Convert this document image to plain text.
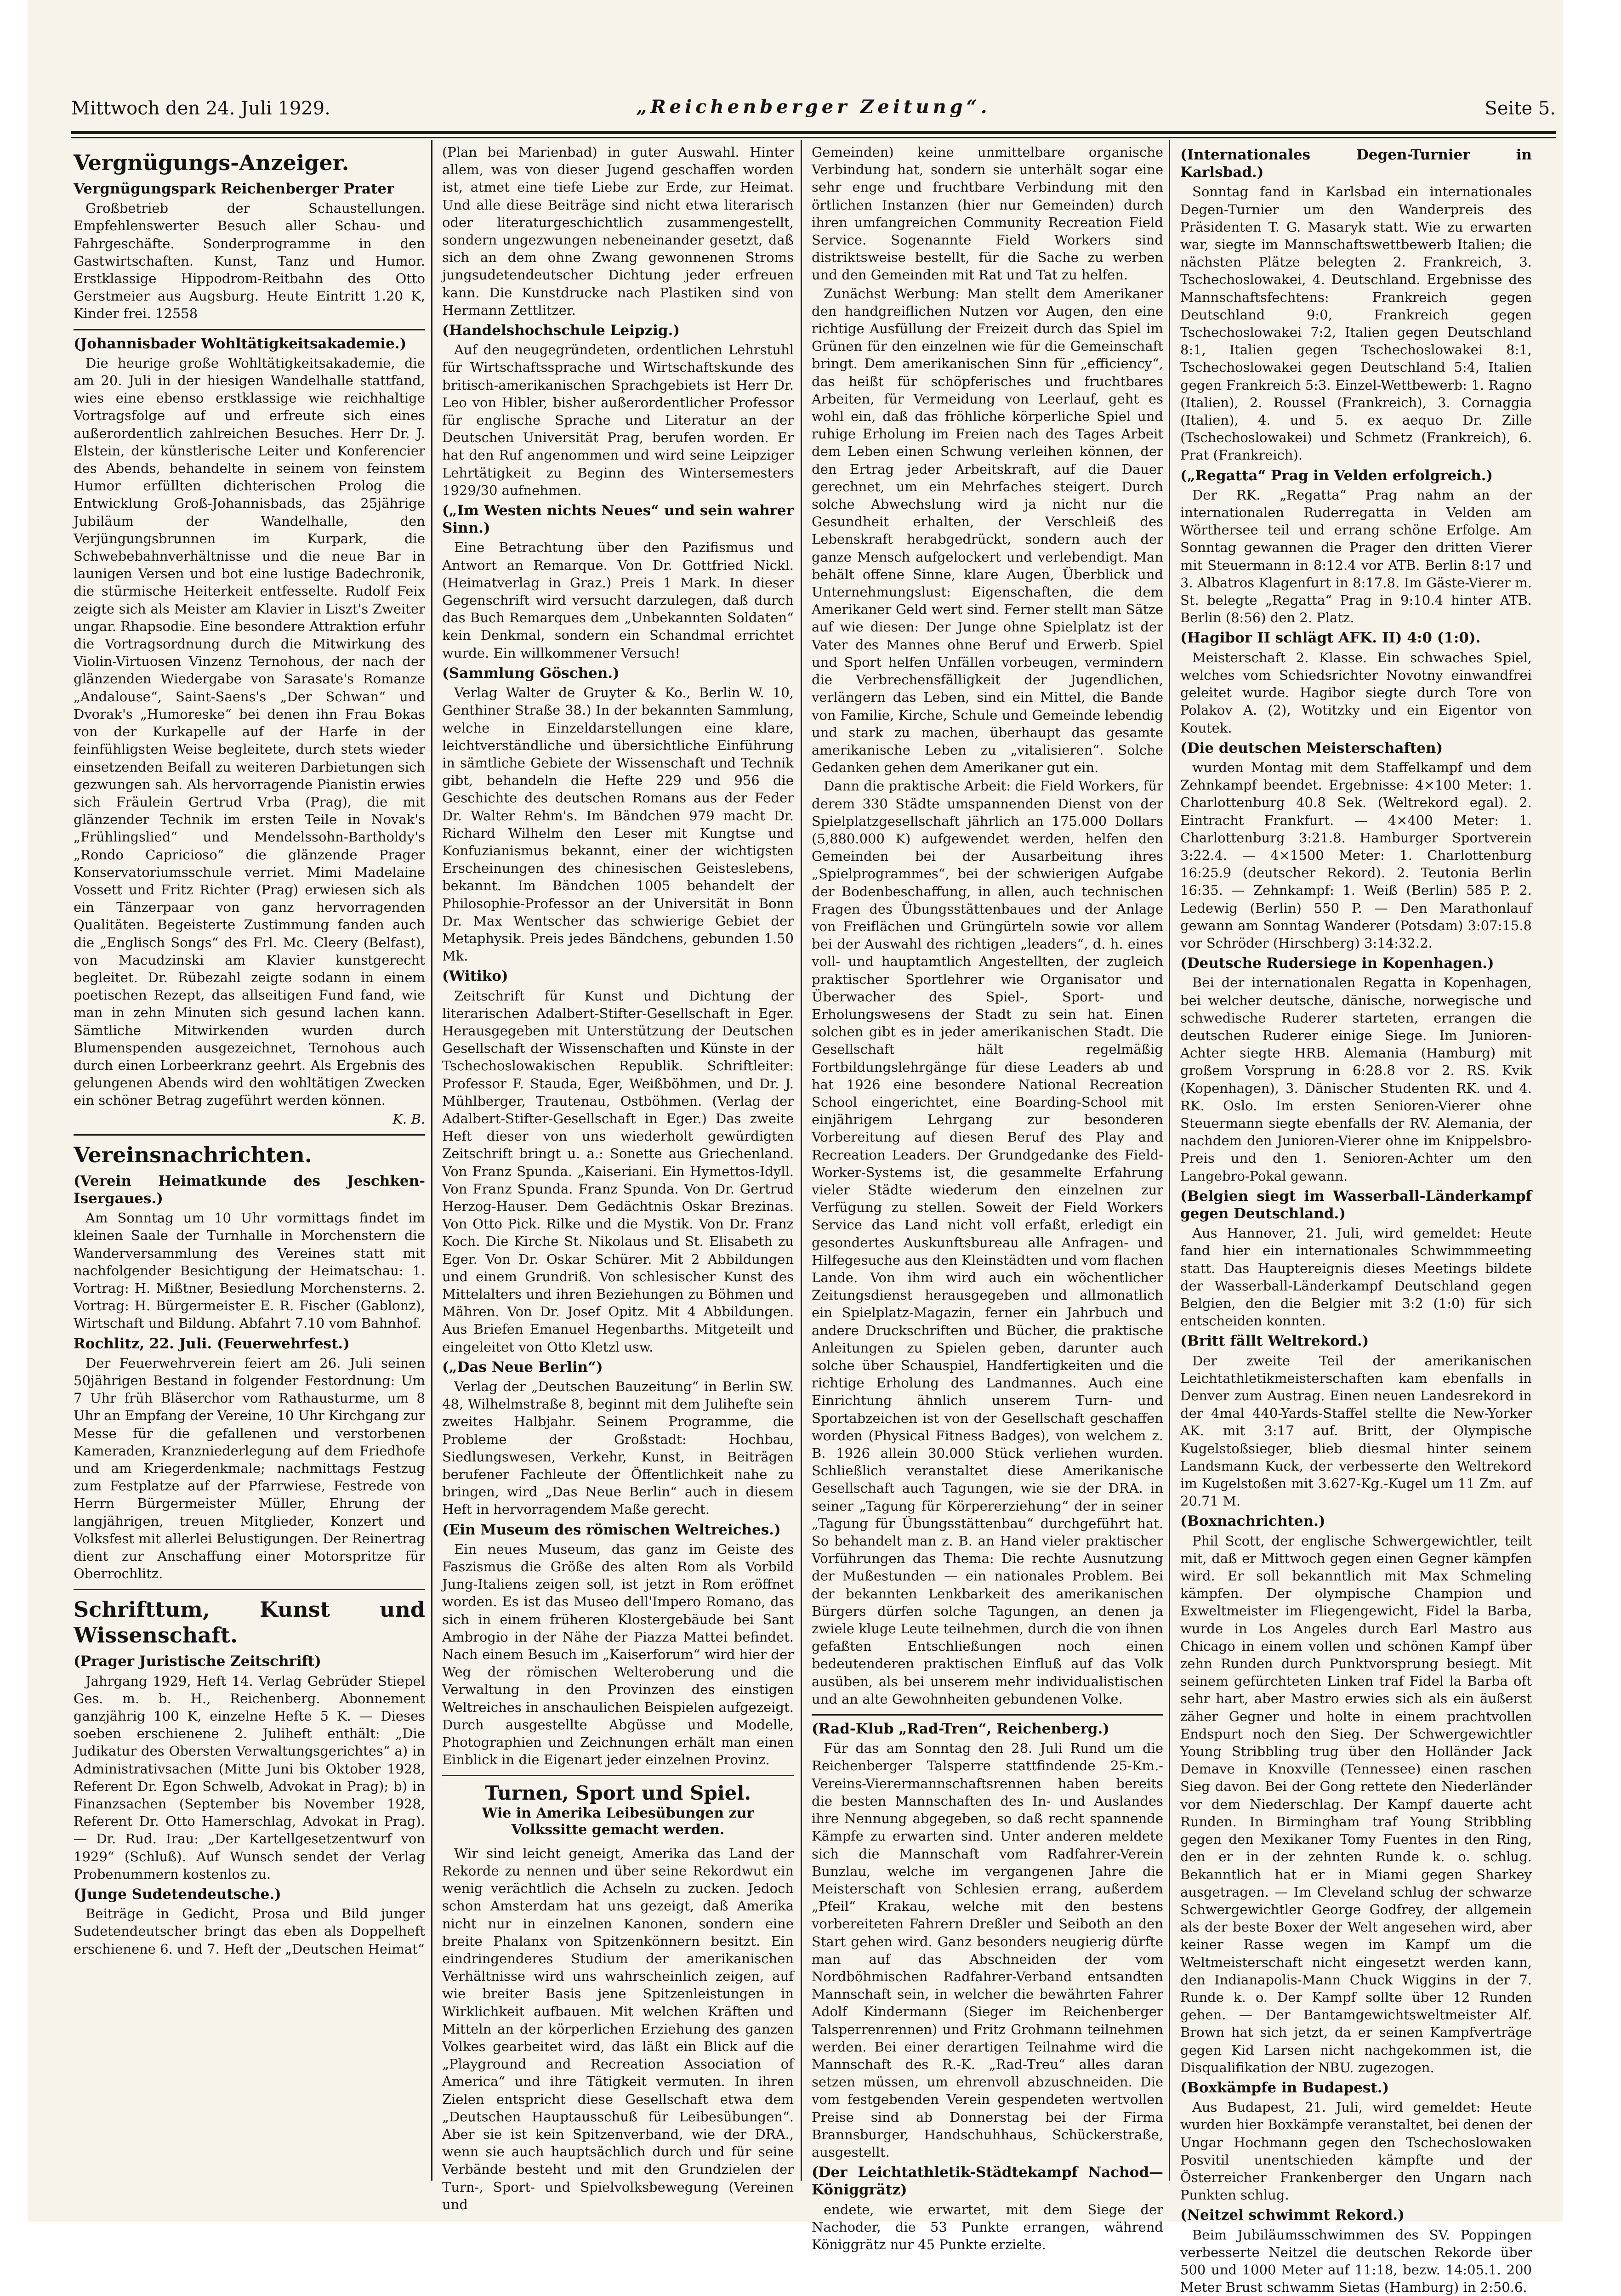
Mittwoch den 24. Juli 1929.	„Reichenberger Zeitung“.	Seite 5.
Vergnügungs-Anzeiger.
Vergnügungspark Reichenberger Prater

Großbetrieb der Schaustellungen. Empfehlenswerter Besuch aller Schau- und Fahrgeschäfte. Sonderprogramme in den Gastwirtschaften. Kunst, Tanz und Humor. Erstklassige Hippodrom-Reitbahn des Otto Gerstmeier aus Augsburg. Heute Eintritt 1.20 K, Kinder frei. 12558

(Johannisbader Wohltätigkeitsakademie.)

Die heurige große Wohltätigkeitsakademie, die am 20. Juli in der hiesigen Wandelhalle stattfand, wies eine ebenso erstklassige wie reichhaltige Vortragsfolge auf und erfreute sich eines außerordentlich zahlreichen Besuches. Herr Dr. J. Elstein, der künstlerische Leiter und Konferencier des Abends, behandelte in seinem von feinstem Humor erfüllten dichterischen Prolog die Entwicklung Groß-Johannisbads, das 25jährige Jubiläum der Wandelhalle, den Verjüngungsbrunnen im Kurpark, die Schwebebahnverhältnisse und die neue Bar in launigen Versen und bot eine lustige Badechronik, die stürmische Heiterkeit entfesselte. Rudolf Feix zeigte sich als Meister am Klavier in Liszt's Zweiter ungar. Rhapsodie. Eine besondere Attraktion erfuhr die Vortragsordnung durch die Mitwirkung des Violin-Virtuosen Vinzenz Ternohous, der nach der glänzenden Wiedergabe von Sarasate's Romanze „Andalouse“, Saint-Saens's „Der Schwan“ und Dvorak's „Humoreske“ bei denen ihn Frau Bokas von der Kurkapelle auf der Harfe in der feinfühligsten Weise begleitete, durch stets wieder einsetzenden Beifall zu weiteren Darbietungen sich gezwungen sah. Als hervorragende Pianistin erwies sich Fräulein Gertrud Vrba (Prag), die mit glänzender Technik im ersten Teile in Novak's „Frühlingslied“ und Mendelssohn-Bartholdy's „Rondo Capricioso“ die glänzende Prager Konservatoriumsschule verriet. Mimi Madelaine Vossett und Fritz Richter (Prag) erwiesen sich als ein Tänzerpaar von ganz hervorragenden Qualitäten. Begeisterte Zustimmung fanden auch die „Englisch Songs“ des Frl. Mc. Cleery (Belfast), von Macudzinski am Klavier kunstgerecht begleitet. Dr. Rübezahl zeigte sodann in einem poetischen Rezept, das allseitigen Fund fand, wie man in zehn Minuten sich gesund lachen kann. Sämtliche Mitwirkenden wurden durch Blumenspenden ausgezeichnet, Ternohous auch durch einen Lorbeerkranz geehrt. Als Ergebnis des gelungenen Abends wird den wohltätigen Zwecken ein schöner Betrag zugeführt werden können.

K. B.

Vereinsnachrichten.
(Verein Heimatkunde des Jeschken-Isergaues.)

Am Sonntag um 10 Uhr vormittags findet im kleinen Saale der Turnhalle in Morchenstern die Wanderversammlung des Vereines statt mit nachfolgender Besichtigung der Heimatschau: 1. Vortrag: H. Mißtner, Besiedlung Morchensterns. 2. Vortrag: H. Bürgermeister E. R. Fischer (Gablonz), Wirtschaft und Bildung. Abfahrt 7.10 vom Bahnhof.

Rochlitz, 22. Juli. (Feuerwehrfest.)

Der Feuerwehrverein feiert am 26. Juli seinen 50jährigen Bestand in folgender Festordnung: Um 7 Uhr früh Bläserchor vom Rathausturme, um 8 Uhr an Empfang der Vereine, 10 Uhr Kirchgang zur Messe für die gefallenen und verstorbenen Kameraden, Kranzniederlegung auf dem Friedhofe und am Kriegerdenkmale; nachmittags Festzug zum Festplatze auf der Pfarrwiese, Festrede von Herrn Bürgermeister Müller, Ehrung der langjährigen, treuen Mitglieder, Konzert und Volksfest mit allerlei Belustigungen. Der Reinertrag dient zur Anschaffung einer Motorspritze für Oberrochlitz.

Schrifttum, Kunst und Wissenschaft.
(Prager Juristische Zeitschrift)

Jahrgang 1929, Heft 14. Verlag Gebrüder Stiepel Ges. m. b. H., Reichenberg. Abonnement ganzjährig 100 K, einzelne Hefte 5 K. — Dieses soeben erschienene 2. Juliheft enthält: „Die Judikatur des Obersten Verwaltungsgerichtes“ a) in Administrativsachen (Mitte Juni bis Oktober 1928, Referent Dr. Egon Schwelb, Advokat in Prag); b) in Finanzsachen (September bis November 1928, Referent Dr. Otto Hamerschlag, Advokat in Prag). — Dr. Rud. Irau: „Der Kartellgesetzentwurf von 1929“ (Schluß). Auf Wunsch sendet der Verlag Probenummern kostenlos zu.

(Junge Sudetendeutsche.)

Beiträge in Gedicht, Prosa und Bild junger Sudetendeutscher bringt das eben als Doppelheft erschienene 6. und 7. Heft der „Deutschen Heimat“

(Plan bei Marienbad) in guter Auswahl. Hinter allem, was von dieser Jugend geschaffen worden ist, atmet eine tiefe Liebe zur Erde, zur Heimat. Und alle diese Beiträge sind nicht etwa literarisch oder literaturgeschichtlich zusammengestellt, sondern ungezwungen nebeneinander gesetzt, daß sich an dem ohne Zwang gewonnenen Stroms jungsudetendeutscher Dichtung jeder erfreuen kann. Die Kunstdrucke nach Plastiken sind von Hermann Zettlitzer.

(Handelshochschule Leipzig.)

Auf den neugegründeten, ordentlichen Lehrstuhl für Wirtschaftssprache und Wirtschaftskunde des britisch-amerikanischen Sprachgebiets ist Herr Dr. Leo von Hibler, bisher außerordentlicher Professor für englische Sprache und Literatur an der Deutschen Universität Prag, berufen worden. Er hat den Ruf angenommen und wird seine Leipziger Lehrtätigkeit zu Beginn des Wintersemesters 1929/30 aufnehmen.

(„Im Westen nichts Neues“ und sein wahrer Sinn.)

Eine Betrachtung über den Pazifismus und Antwort an Remarque. Von Dr. Gottfried Nickl. (Heimatverlag in Graz.) Preis 1 Mark. In dieser Gegenschrift wird versucht darzulegen, daß durch das Buch Remarques dem „Unbekannten Soldaten“ kein Denkmal, sondern ein Schandmal errichtet wurde. Ein willkommener Versuch!

(Sammlung Göschen.)

Verlag Walter de Gruyter & Ko., Berlin W. 10, Genthiner Straße 38.) In der bekannten Sammlung, welche in Einzeldarstellungen eine klare, leichtverständliche und übersichtliche Einführung in sämtliche Gebiete der Wissenschaft und Technik gibt, behandeln die Hefte 229 und 956 die Geschichte des deutschen Romans aus der Feder Dr. Walter Rehm's. Im Bändchen 979 macht Dr. Richard Wilhelm den Leser mit Kungtse und Konfuzianismus bekannt, einer der wichtigsten Erscheinungen des chinesischen Geisteslebens, bekannt. Im Bändchen 1005 behandelt der Philosophie-Professor an der Universität in Bonn Dr. Max Wentscher das schwierige Gebiet der Metaphysik. Preis jedes Bändchens, gebunden 1.50 Mk.

(Witiko)

Zeitschrift für Kunst und Dichtung der literarischen Adalbert-Stifter-Gesellschaft in Eger. Herausgegeben mit Unterstützung der Deutschen Gesellschaft der Wissenschaften und Künste in der Tschechoslowakischen Republik. Schriftleiter: Professor F. Stauda, Eger, Weißböhmen, und Dr. J. Mühlberger, Trautenau, Ostböhmen. (Verlag der Adalbert-Stifter-Gesellschaft in Eger.) Das zweite Heft dieser von uns wiederholt gewürdigten Zeitschrift bringt u. a.: Sonette aus Griechenland. Von Franz Spunda. „Kaiseriani. Ein Hymettos-Idyll. Von Franz Spunda. Franz Spunda. Von Dr. Gertrud Herzog-Hauser. Dem Gedächtnis Oskar Brezinas. Von Otto Pick. Rilke und die Mystik. Von Dr. Franz Koch. Die Kirche St. Nikolaus und St. Elisabeth zu Eger. Von Dr. Oskar Schürer. Mit 2 Abbildungen und einem Grundriß. Von schlesischer Kunst des Mittelalters und ihren Beziehungen zu Böhmen und Mähren. Von Dr. Josef Opitz. Mit 4 Abbildungen. Aus Briefen Emanuel Hegenbarths. Mitgeteilt und eingeleitet von Otto Kletzl usw.

(„Das Neue Berlin“)

Verlag der „Deutschen Bauzeitung“ in Berlin SW. 48, Wilhelmstraße 8, beginnt mit dem Julihefte sein zweites Halbjahr. Seinem Programme, die Probleme der Großstadt: Hochbau, Siedlungswesen, Verkehr, Kunst, in Beiträgen berufener Fachleute der Öffentlichkeit nahe zu bringen, wird „Das Neue Berlin“ auch in diesem Heft in hervorragendem Maße gerecht.

(Ein Museum des römischen Weltreiches.)

Ein neues Museum, das ganz im Geiste des Faszismus die Größe des alten Rom als Vorbild Jung-Italiens zeigen soll, ist jetzt in Rom eröffnet worden. Es ist das Museo dell'Impero Romano, das sich in einem früheren Klostergebäude bei Sant Ambrogio in der Nähe der Piazza Mattei befindet. Nach einem Besuch im „Kaiserforum“ wird hier der Weg der römischen Welteroberung und die Verwaltung in den Provinzen des einstigen Weltreiches in anschaulichen Beispielen aufgezeigt. Durch ausgestellte Abgüsse und Modelle, Photographien und Zeichnungen erhält man einen Einblick in die Eigenart jeder einzelnen Provinz.

Turnen, Sport und Spiel.
Wie in Amerika Leibesübungen zur Volkssitte gemacht werden.

Wir sind leicht geneigt, Amerika das Land der Rekorde zu nennen und über seine Rekordwut ein wenig verächtlich die Achseln zu zucken. Jedoch schon Amsterdam hat uns gezeigt, daß Amerika nicht nur in einzelnen Kanonen, sondern eine breite Phalanx von Spitzenkönnern besitzt. Ein eindringenderes Studium der amerikanischen Verhältnisse wird uns wahrscheinlich zeigen, auf wie breiter Basis jene Spitzenleistungen in Wirklichkeit aufbauen. Mit welchen Kräften und Mitteln an der körperlichen Erziehung des ganzen Volkes gearbeitet wird, das läßt ein Blick auf die „Playground and Recreation Association of America“ und ihre Tätigkeit vermuten. In ihren Zielen entspricht diese Gesellschaft etwa dem „Deutschen Hauptausschuß für Leibesübungen“. Aber sie ist kein Spitzenverband, wie der DRA., wenn sie auch hauptsächlich durch und für seine Verbände besteht und mit den Grundzielen der Turn-, Sport- und Spielvolksbewegung (Vereinen und

Gemeinden) keine unmittelbare organische Verbindung hat, sondern sie unterhält sogar eine sehr enge und fruchtbare Verbindung mit den örtlichen Instanzen (hier nur Gemeinden) durch ihren umfangreichen Community Recreation Field Service. Sogenannte Field Workers sind distriktsweise bestellt, für die Sache zu werben und den Gemeinden mit Rat und Tat zu helfen.

Zunächst Werbung: Man stellt dem Amerikaner den handgreiflichen Nutzen vor Augen, den eine richtige Ausfüllung der Freizeit durch das Spiel im Grünen für den einzelnen wie für die Gemeinschaft bringt. Dem amerikanischen Sinn für „efficiency“, das heißt für schöpferisches und fruchtbares Arbeiten, für Vermeidung von Leerlauf, geht es wohl ein, daß das fröhliche körperliche Spiel und ruhige Erholung im Freien nach des Tages Arbeit dem Leben einen Schwung verleihen können, der den Ertrag jeder Arbeitskraft, auf die Dauer gerechnet, um ein Mehrfaches steigert. Durch solche Abwechslung wird ja nicht nur die Gesundheit erhalten, der Verschleiß des Lebenskraft herabgedrückt, sondern auch der ganze Mensch aufgelockert und verlebendigt. Man behält offene Sinne, klare Augen, Überblick und Unternehmungslust: Eigenschaften, die dem Amerikaner Geld wert sind. Ferner stellt man Sätze auf wie diesen: Der Junge ohne Spielplatz ist der Vater des Mannes ohne Beruf und Erwerb. Spiel und Sport helfen Unfällen vorbeugen, vermindern die Verbrechensfälligkeit der Jugendlichen, verlängern das Leben, sind ein Mittel, die Bande von Familie, Kirche, Schule und Gemeinde lebendig und stark zu machen, überhaupt das gesamte amerikanische Leben zu „vitalisieren“. Solche Gedanken gehen dem Amerikaner gut ein.

Dann die praktische Arbeit: die Field Workers, für derem 330 Städte umspannenden Dienst von der Spielplatzgesellschaft jährlich an 175.000 Dollars (5,880.000 K) aufgewendet werden, helfen den Gemeinden bei der Ausarbeitung ihres „Spielprogrammes“, bei der schwierigen Aufgabe der Bodenbeschaffung, in allen, auch technischen Fragen des Übungsstättenbaues und der Anlage von Freiflächen und Grüngürteln sowie vor allem bei der Auswahl des richtigen „leaders“, d. h. eines voll- und hauptamtlich Angestellten, der zugleich praktischer Sportlehrer wie Organisator und Überwacher des Spiel-, Sport- und Erholungswesens der Stadt zu sein hat. Einen solchen gibt es in jeder amerikanischen Stadt. Die Gesellschaft hält regelmäßig Fortbildungslehrgänge für diese Leaders ab und hat 1926 eine besondere National Recreation School eingerichtet, eine Boarding-School mit einjährigem Lehrgang zur besonderen Vorbereitung auf diesen Beruf des Play and Recreation Leaders. Der Grundgedanke des Field-Worker-Systems ist, die gesammelte Erfahrung vieler Städte wiederum den einzelnen zur Verfügung zu stellen. Soweit der Field Workers Service das Land nicht voll erfaßt, erledigt ein gesondertes Auskunftsbureau alle Anfragen- und Hilfegesuche aus den Kleinstädten und vom flachen Lande. Von ihm wird auch ein wöchentlicher Zeitungsdienst herausgegeben und allmonatlich ein Spielplatz-Magazin, ferner ein Jahrbuch und andere Druckschriften und Bücher, die praktische Anleitungen zu Spielen geben, darunter auch solche über Schauspiel, Handfertigkeiten und die richtige Erholung des Landmannes. Auch eine Einrichtung ähnlich unserem Turn- und Sportabzeichen ist von der Gesellschaft geschaffen worden (Physical Fitness Badges), von welchem z. B. 1926 allein 30.000 Stück verliehen wurden. Schließlich veranstaltet diese Amerikanische Gesellschaft auch Tagungen, wie sie der DRA. in seiner „Tagung für Körpererziehung“ der in seiner „Tagung für Übungsstättenbau“ durchgeführt hat. So behandelt man z. B. an Hand vieler praktischer Vorführungen das Thema: Die rechte Ausnutzung der Mußestunden — ein nationales Problem. Bei der bekannten Lenkbarkeit des amerikanischen Bürgers dürfen solche Tagungen, an denen ja zwiele kluge Leute teilnehmen, durch die von ihnen gefaßten Entschließungen noch einen bedeutenderen praktischen Einfluß auf das Volk ausüben, als bei unserem mehr individualistischen und an alte Gewohnheiten gebundenen Volke.

(Rad-Klub „Rad-Tren“, Reichenberg.)

Für das am Sonntag den 28. Juli Rund um die Reichenberger Talsperre stattfindende 25-Km.-Vereins-Vierermannschaftsrennen haben bereits die besten Mannschaften des In- und Auslandes ihre Nennung abgegeben, so daß recht spannende Kämpfe zu erwarten sind. Unter anderen meldete sich die Mannschaft vom Radfahrer-Verein Bunzlau, welche im vergangenen Jahre die Meisterschaft von Schlesien errang, außerdem „Pfeil“ Krakau, welche mit den bestens vorbereiteten Fahrern Dreßler und Seiboth an den Start gehen wird. Ganz besonders neugierig dürfte man auf das Abschneiden der vom Nordböhmischen Radfahrer-Verband entsandten Mannschaft sein, in welcher die bewährten Fahrer Adolf Kindermann (Sieger im Reichenberger Talsperrenrennen) und Fritz Grohmann teilnehmen werden. Bei einer derartigen Teilnahme wird die Mannschaft des R.-K. „Rad-Treu“ alles daran setzen müssen, um ehrenvoll abzuschneiden. Die vom festgebenden Verein gespendeten wertvollen Preise sind ab Donnerstag bei der Firma Brannsburger, Handschuhhaus, Schückerstraße, ausgestellt.

(Der Leichtathletik-Städtekampf Nachod—Königgrätz)

endete, wie erwartet, mit dem Siege der Nachoder, die 53 Punkte errangen, während Königgrätz nur 45 Punkte erzielte.

(Internationales Degen-Turnier in Karlsbad.)

Sonntag fand in Karlsbad ein internationales Degen-Turnier um den Wanderpreis des Präsidenten T. G. Masaryk statt. Wie zu erwarten war, siegte im Mannschaftswettbewerb Italien; die nächsten Plätze belegten 2. Frankreich, 3. Tschechoslowakei, 4. Deutschland. Ergebnisse des Mannschaftsfechtens: Frankreich gegen Deutschland 9:0, Frankreich gegen Tschechoslowakei 7:2, Italien gegen Deutschland 8:1, Italien gegen Tschechoslowakei 8:1, Tschechoslowakei gegen Deutschland 5:4, Italien gegen Frankreich 5:3. Einzel-Wettbewerb: 1. Ragno (Italien), 2. Roussel (Frankreich), 3. Cornaggia (Italien), 4. und 5. ex aequo Dr. Zille (Tschechoslowakei) und Schmetz (Frankreich), 6. Prat (Frankreich).

(„Regatta“ Prag in Velden erfolgreich.)

Der RK. „Regatta“ Prag nahm an der internationalen Ruderregatta in Velden am Wörthersee teil und errang schöne Erfolge. Am Sonntag gewannen die Prager den dritten Vierer mit Steuermann in 8:12.4 vor ATB. Berlin 8:17 und 3. Albatros Klagenfurt in 8:17.8. Im Gäste-Vierer m. St. belegte „Regatta“ Prag in 9:10.4 hinter ATB. Berlin (8:56) den 2. Platz.

(Hagibor II schlägt AFK. II) 4:0 (1:0).

Meisterschaft 2. Klasse. Ein schwaches Spiel, welches vom Schiedsrichter Novotny einwandfrei geleitet wurde. Hagibor siegte durch Tore von Polakov A. (2), Wotitzky und ein Eigentor von Koutek.

(Die deutschen Meisterschaften)

wurden Montag mit dem Staffelkampf und dem Zehnkampf beendet. Ergebnisse: 4×100 Meter: 1. Charlottenburg 40.8 Sek. (Weltrekord egal). 2. Eintracht Frankfurt. — 4×400 Meter: 1. Charlottenburg 3:21.8. Hamburger Sportverein 3:22.4. — 4×1500 Meter: 1. Charlottenburg 16:25.9 (deutscher Rekord). 2. Teutonia Berlin 16:35. — Zehnkampf: 1. Weiß (Berlin) 585 P. 2. Ledewig (Berlin) 550 P. — Den Marathonlauf gewann am Sonntag Wanderer (Potsdam) 3:07:15.8 vor Schröder (Hirschberg) 3:14:32.2.

(Deutsche Rudersiege in Kopenhagen.)

Bei der internationalen Regatta in Kopenhagen, bei welcher deutsche, dänische, norwegische und schwedische Ruderer starteten, errangen die deutschen Ruderer einige Siege. Im Junioren-Achter siegte HRB. Alemania (Hamburg) mit großem Vorsprung in 6:28.8 vor 2. RS. Kvik (Kopenhagen), 3. Dänischer Studenten RK. und 4. RK. Oslo. Im ersten Senioren-Vierer ohne Steuermann siegte ebenfalls der RV. Alemania, der nachdem den Junioren-Vierer ohne im Knippelsbro-Preis und den 1. Senioren-Achter um den Langebro-Pokal gewann.

(Belgien siegt im Wasserball-Länderkampf gegen Deutschland.)

Aus Hannover, 21. Juli, wird gemeldet: Heute fand hier ein internationales Schwimmmeeting statt. Das Hauptereignis dieses Meetings bildete der Wasserball-Länderkampf Deutschland gegen Belgien, den die Belgier mit 3:2 (1:0) für sich entscheiden konnten.

(Britt fällt Weltrekord.)

Der zweite Teil der amerikanischen Leichtathletikmeisterschaften kam ebenfalls in Denver zum Austrag. Einen neuen Landesrekord in der 4mal 440-Yards-Staffel stellte die New-Yorker AK. mit 3:17 auf. Britt, der Olympische Kugelstoßsieger, blieb diesmal hinter seinem Landsmann Kuck, der verbesserte den Weltrekord im Kugelstoßen mit 3.627-Kg.-Kugel um 11 Zm. auf 20.71 M.

(Boxnachrichten.)

Phil Scott, der englische Schwergewichtler, teilt mit, daß er Mittwoch gegen einen Gegner kämpfen wird. Er soll bekanntlich mit Max Schmeling kämpfen. Der olympische Champion und Exweltmeister im Fliegengewicht, Fidel la Barba, wurde in Los Angeles durch Earl Mastro aus Chicago in einem vollen und schönen Kampf über zehn Runden durch Punktvorsprung besiegt. Mit seinem gefürchteten Linken traf Fidel la Barba oft sehr hart, aber Mastro erwies sich als ein äußerst zäher Gegner und holte in einem prachtvollen Endspurt noch den Sieg. Der Schwergewichtler Young Stribbling trug über den Holländer Jack Demave in Knoxville (Tennessee) einen raschen Sieg davon. Bei der Gong rettete den Niederländer vor dem Niederschlag. Der Kampf dauerte acht Runden. In Birmingham traf Young Stribbling gegen den Mexikaner Tomy Fuentes in den Ring, den er in der zehnten Runde k. o. schlug. Bekanntlich hat er in Miami gegen Sharkey ausgetragen. — Im Cleveland schlug der schwarze Schwergewichtler George Godfrey, der allgemein als der beste Boxer der Welt angesehen wird, aber keiner Rasse wegen im Kampf um die Weltmeisterschaft nicht eingesetzt werden kann, den Indianapolis-Mann Chuck Wiggins in der 7. Runde k. o. Der Kampf sollte über 12 Runden gehen. — Der Bantamgewichtsweltmeister Alf. Brown hat sich jetzt, da er seinen Kampfverträge gegen Kid Larsen nicht nachgekommen ist, die Disqualifikation der NBU. zugezogen.

(Boxkämpfe in Budapest.)

Aus Budapest, 21. Juli, wird gemeldet: Heute wurden hier Boxkämpfe veranstaltet, bei denen der Ungar Hochmann gegen den Tschechoslowaken Posvitil unentschieden kämpfte und der Österreicher Frankenberger den Ungarn nach Punkten schlug.

(Neitzel schwimmt Rekord.)

Beim Jubiläumsschwimmen des SV. Poppingen verbesserte Neitzel die deutschen Rekorde über 500 und 1000 Meter auf 11:18, bezw. 14:05.1. 200 Meter Brust schwamm Sietas (Hamburg) in 2:50.6.
